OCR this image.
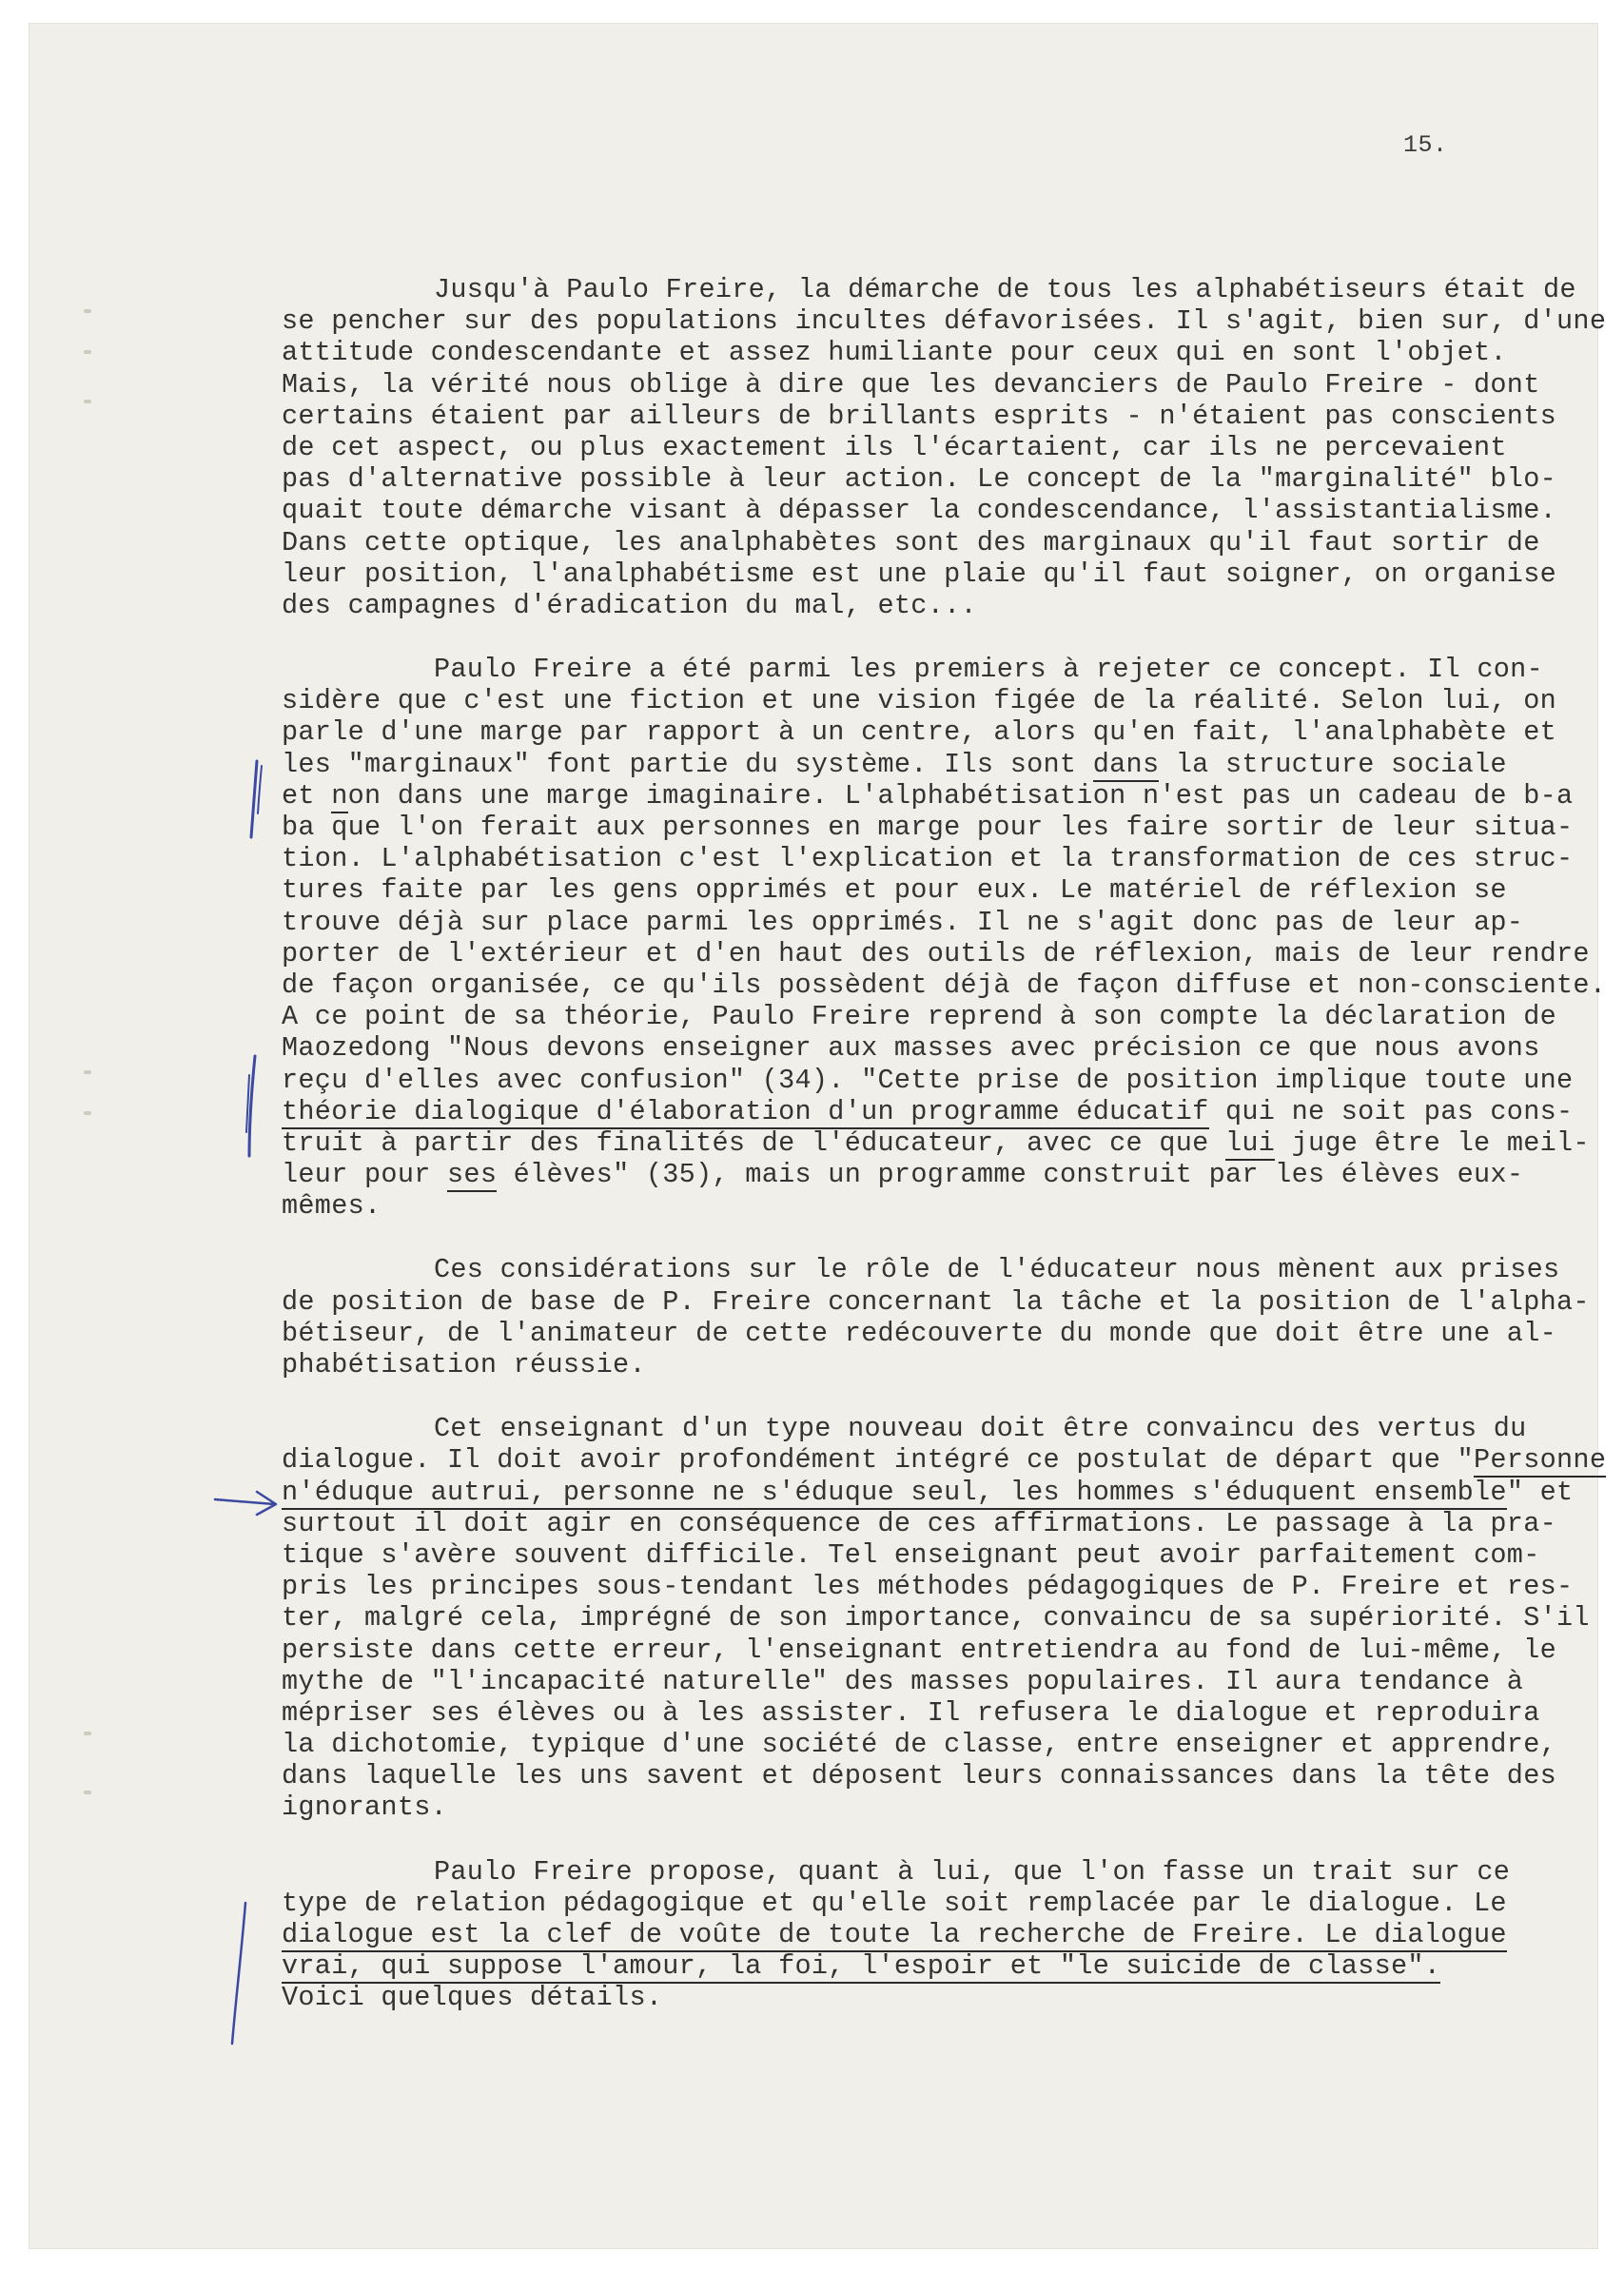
15.
Jusqu'à Paulo Freire, la démarche de tous les alphabétiseurs était de
se pencher sur des populations incultes défavorisées. Il s'agit, bien sur, d'une
attitude condescendante et assez humiliante pour ceux qui en sont l'objet.
Mais, la vérité nous oblige à dire que les devanciers de Paulo Freire - dont
certains étaient par ailleurs de brillants esprits - n'étaient pas conscients
de cet aspect, ou plus exactement ils l'écartaient, car ils ne percevaient
pas d'alternative possible à leur action. Le concept de la "marginalité" blo-
quait toute démarche visant à dépasser la condescendance, l'assistantialisme.
Dans cette optique, les analphabètes sont des marginaux qu'il faut sortir de
leur position, l'analphabétisme est une plaie qu'il faut soigner, on organise
des campagnes d'éradication du mal, etc...
Paulo Freire a été parmi les premiers à rejeter ce concept. Il con-
sidère que c'est une fiction et une vision figée de la réalité. Selon lui, on
parle d'une marge par rapport à un centre, alors qu'en fait, l'analphabète et
les "marginaux" font partie du système. Ils sont dans la structure sociale
et non dans une marge imaginaire. L'alphabétisation n'est pas un cadeau de b-a
ba que l'on ferait aux personnes en marge pour les faire sortir de leur situa-
tion. L'alphabétisation c'est l'explication et la transformation de ces struc-
tures faite par les gens opprimés et pour eux. Le matériel de réflexion se
trouve déjà sur place parmi les opprimés. Il ne s'agit donc pas de leur ap-
porter de l'extérieur et d'en haut des outils de réflexion, mais de leur rendre
de façon organisée, ce qu'ils possèdent déjà de façon diffuse et non-consciente.
A ce point de sa théorie, Paulo Freire reprend à son compte la déclaration de
Maozedong "Nous devons enseigner aux masses avec précision ce que nous avons
reçu d'elles avec confusion" (34). "Cette prise de position implique toute une
théorie dialogique d'élaboration d'un programme éducatif qui ne soit pas cons-
truit à partir des finalités de l'éducateur, avec ce que lui juge être le meil-
leur pour ses élèves" (35), mais un programme construit par les élèves eux-
mêmes.
Ces considérations sur le rôle de l'éducateur nous mènent aux prises
de position de base de P. Freire concernant la tâche et la position de l'alpha-
bétiseur, de l'animateur de cette redécouverte du monde que doit être une al-
phabétisation réussie.
Cet enseignant d'un type nouveau doit être convaincu des vertus du
dialogue. Il doit avoir profondément intégré ce postulat de départ que "Personne
n'éduque autrui, personne ne s'éduque seul, les hommes s'éduquent ensemble" et
surtout il doit agir en conséquence de ces affirmations. Le passage à la pra-
tique s'avère souvent difficile. Tel enseignant peut avoir parfaitement com-
pris les principes sous-tendant les méthodes pédagogiques de P. Freire et res-
ter, malgré cela, imprégné de son importance, convaincu de sa supériorité. S'il
persiste dans cette erreur, l'enseignant entretiendra au fond de lui-même, le
mythe de "l'incapacité naturelle" des masses populaires. Il aura tendance à
mépriser ses élèves ou à les assister. Il refusera le dialogue et reproduira
la dichotomie, typique d'une société de classe, entre enseigner et apprendre,
dans laquelle les uns savent et déposent leurs connaissances dans la tête des
ignorants.
Paulo Freire propose, quant à lui, que l'on fasse un trait sur ce
type de relation pédagogique et qu'elle soit remplacée par le dialogue. Le
dialogue est la clef de voûte de toute la recherche de Freire. Le dialogue
vrai, qui suppose l'amour, la foi, l'espoir et "le suicide de classe".
Voici quelques détails.
